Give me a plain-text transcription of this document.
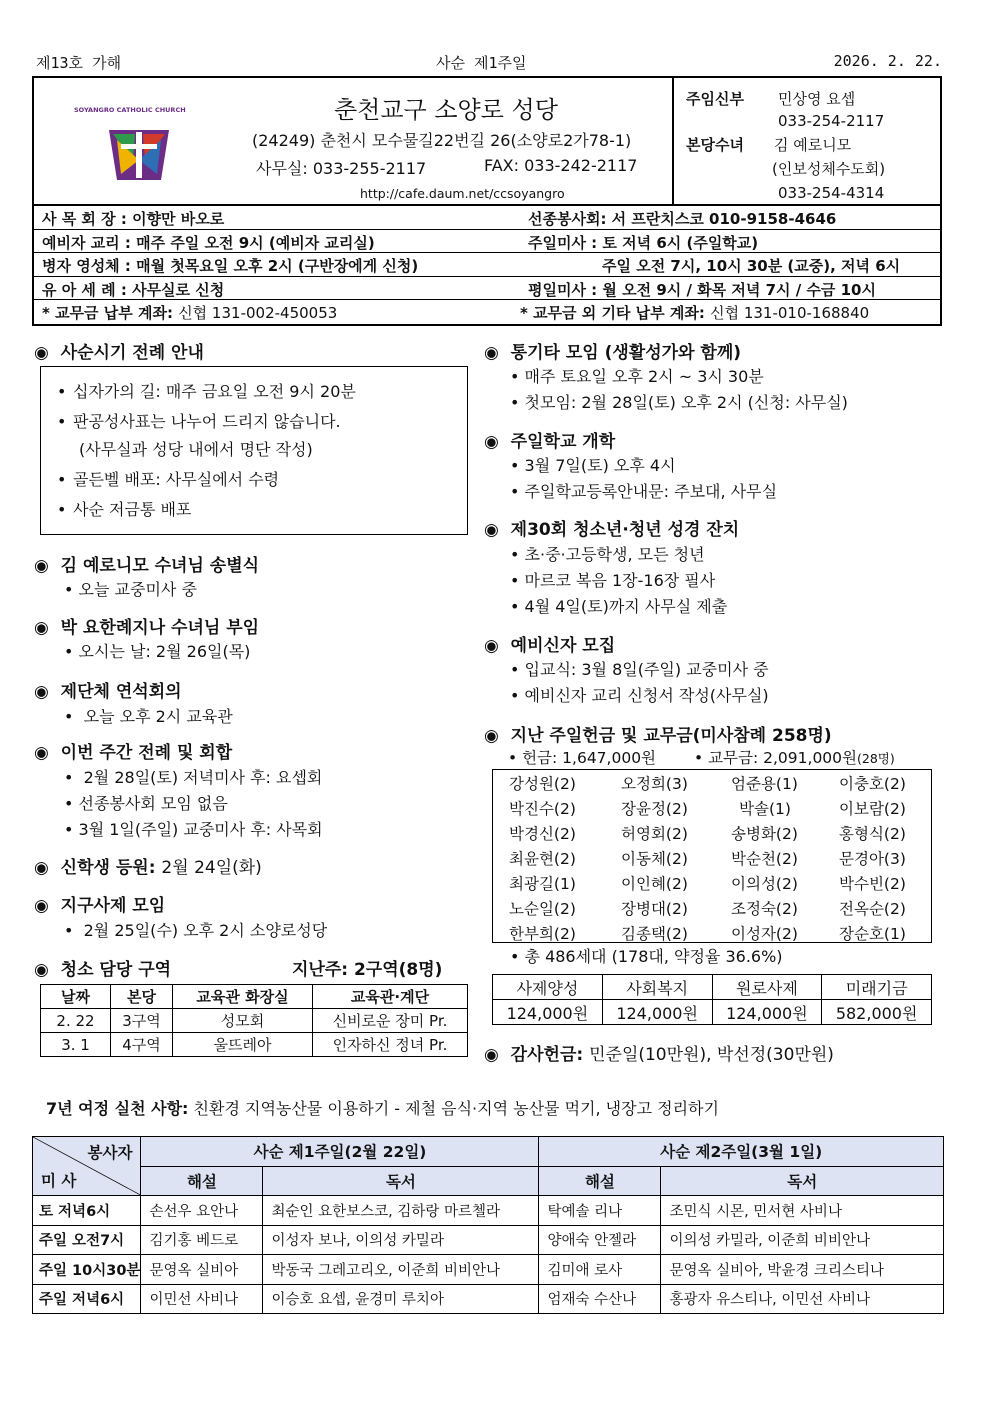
제13호 가해	사순 제1주일	2026. 2. 22.
SOYANGRO CATHOLIC CHURCH	춘천교구 소양로 성당
(24249) 춘천시 모수물길22번길 26(소양로2가78-1)
사무실: 033-255-2117	FAX: 033-242-2117
http://cafe.daum.net/ccsoyangro
주임신부 민상영 요셉
033-254-2117
본당수녀 김 예로니모
(인보성체수도회)
033-254-4314
사 목 회 장 : 이향만 바오로	선종봉사회: 서 프란치스코 010-9158-4646
예비자 교리 : 매주 주일 오전 9시 (예비자 교리실)	주일미사 : 토 저녁 6시 (주일학교)
병자 영성체 : 매월 첫목요일 오후 2시 (구반장에게 신청)	주일 오전 7시, 10시 30분 (교중), 저녁 6시
유 아 세 례 : 사무실로 신청	평일미사 : 월 오전 9시 / 화목 저녁 7시 / 수금 10시
* 교무금 납부 계좌: 신협 131-002-450053	* 교무금 외 기타 납부 계좌: 신협 131-010-168840
◉  사순시기 전례 안내
• 십자가의 길: 매주 금요일 오전 9시 20분
• 판공성사표는 나누어 드리지 않습니다.
(사무실과 성당 내에서 명단 작성)
• 골든벨 배포: 사무실에서 수령
• 사순 저금통 배포
◉  김 예로니모 수녀님 송별식
• 오늘 교중미사 중
◉  박 요한례지나 수녀님 부임
• 오시는 날: 2월 26일(목)
◉  제단체 연석회의
•  오늘 오후 2시 교육관
◉  이번 주간 전례 및 회합
•  2월 28일(토) 저녁미사 후: 요셉회
• 선종봉사회 모임 없음
• 3월 1일(주일) 교중미사 후: 사목회
◉  신학생 등원: 2월 24일(화)
◉  지구사제 모임
•  2월 25일(수) 오후 2시 소양로성당
◉  청소 담당 구역	지난주: 2구역(8명)
날짜	본당	교육관 화장실	교육관·계단
2. 22	3구역	성모회	신비로운 장미 Pr.
3. 1	4구역	울뜨레아	인자하신 정녀 Pr.
◉  통기타 모임 (생활성가와 함께)
• 매주 토요일 오후 2시 ~ 3시 30분
• 첫모임: 2월 28일(토) 오후 2시 (신청: 사무실)
◉  주일학교 개학
• 3월 7일(토) 오후 4시
• 주일학교등록안내문: 주보대, 사무실
◉  제30회 청소년·청년 성경 잔치
• 초·중·고등학생, 모든 청년
• 마르코 복음 1장-16장 필사
• 4월 4일(토)까지 사무실 제출
◉  예비신자 모집
• 입교식: 3월 8일(주일) 교중미사 중
• 예비신자 교리 신청서 작성(사무실)
◉  지난 주일헌금 및 교무금(미사참례 258명)
• 헌금: 1,647,000원 • 교무금: 2,091,000원(28명)
강성원(2)	오정희(3)	엄준용(1)	이충호(2)
박진수(2)	장윤정(2)	박솔(1)	이보람(2)
박경신(2)	허영회(2)	송병화(2)	홍형식(2)
최윤현(2)	이동체(2)	박순천(2)	문경아(3)
최광길(1)	이인혜(2)	이의성(2)	박수빈(2)
노순일(2)	장병대(2)	조정숙(2)	전옥순(2)
한부희(2)	김종택(2)	이성자(2)	장순호(1)
• 총 486세대 (178대, 약정율 36.6%)
사제양성	사회복지	원로사제	미래기금
124,000원	124,000원	124,000원	582,000원
◉  감사헌금: 민준일(10만원), 박선정(30만원)
7년 여정 실천 사항: 친환경 지역농산물 이용하기 - 제철 음식·지역 농산물 먹기, 냉장고 정리하기
봉사자
미 사	사순 제1주일(2월 22일)		사순 제2주일(3월 1일)	
	해설	독서	해설	독서
토 저녁6시	손선우 요안나	최순인 요한보스코, 김하랑 마르첼라	탁예솔 리나	조민식 시몬, 민서현 사비나
주일 오전7시	김기홍 베드로	이성자 보나, 이의성 카밀라	양애숙 안젤라	이의성 카밀라, 이준희 비비안나
주일 10시30분	문영옥 실비아	박동국 그레고리오, 이준희 비비안나	김미애 로사	문영옥 실비아, 박윤경 크리스티나
주일 저녁6시	이민선 사비나	이승호 요셉, 윤경미 루치아	엄재숙 수산나	홍광자 유스티나, 이민선 사비나
